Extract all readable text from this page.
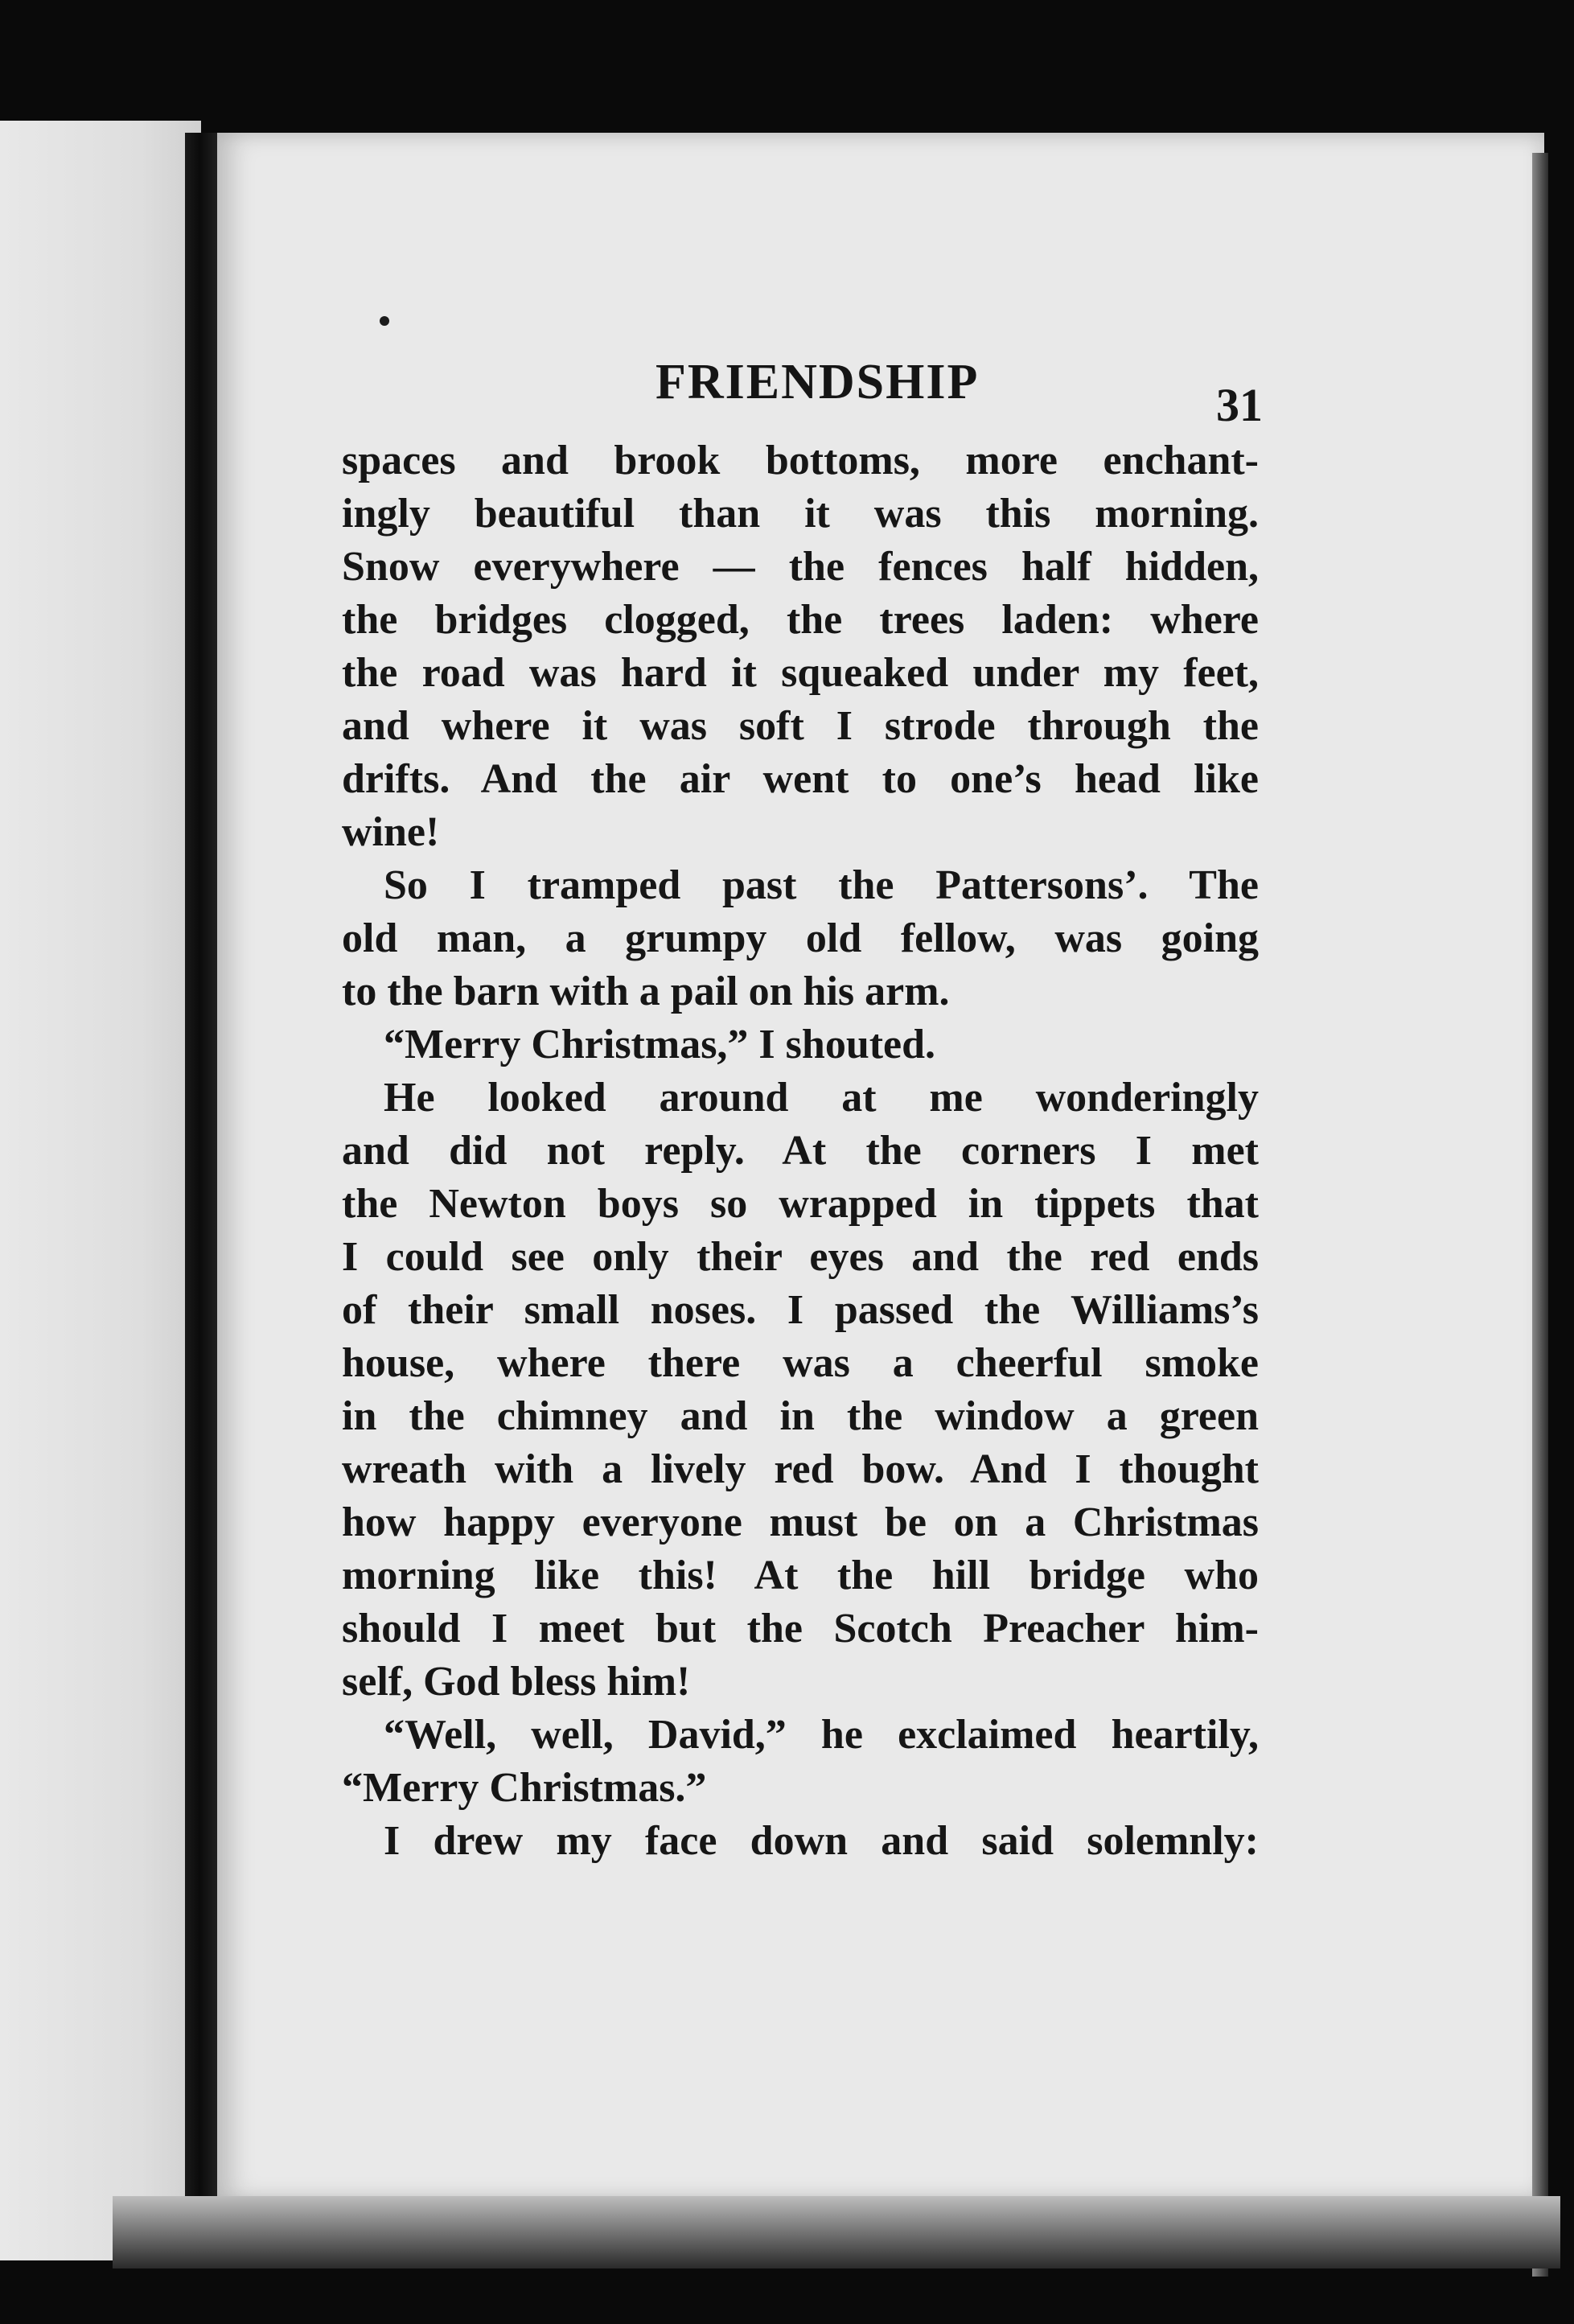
FRIENDSHIP	31
spaces and brook bottoms, more enchant-
ingly beautiful than it was this morning.
Snow everywhere — the fences half hidden,
the bridges clogged, the trees laden: where
the road was hard it squeaked under my feet,
and where it was soft I strode through the
drifts. And the air went to one’s head like
wine!
So I tramped past the Pattersons’. The
old man, a grumpy old fellow, was going
to the barn with a pail on his arm.
“Merry Christmas,” I shouted.
He looked around at me wonderingly
and did not reply. At the corners I met
the Newton boys so wrapped in tippets that
I could see only their eyes and the red ends
of their small noses. I passed the Williams’s
house, where there was a cheerful smoke
in the chimney and in the window a green
wreath with a lively red bow. And I thought
how happy everyone must be on a Christmas
morning like this! At the hill bridge who
should I meet but the Scotch Preacher him-
self, God bless him!
“Well, well, David,” he exclaimed heartily,
“Merry Christmas.”
I drew my face down and said solemnly:
